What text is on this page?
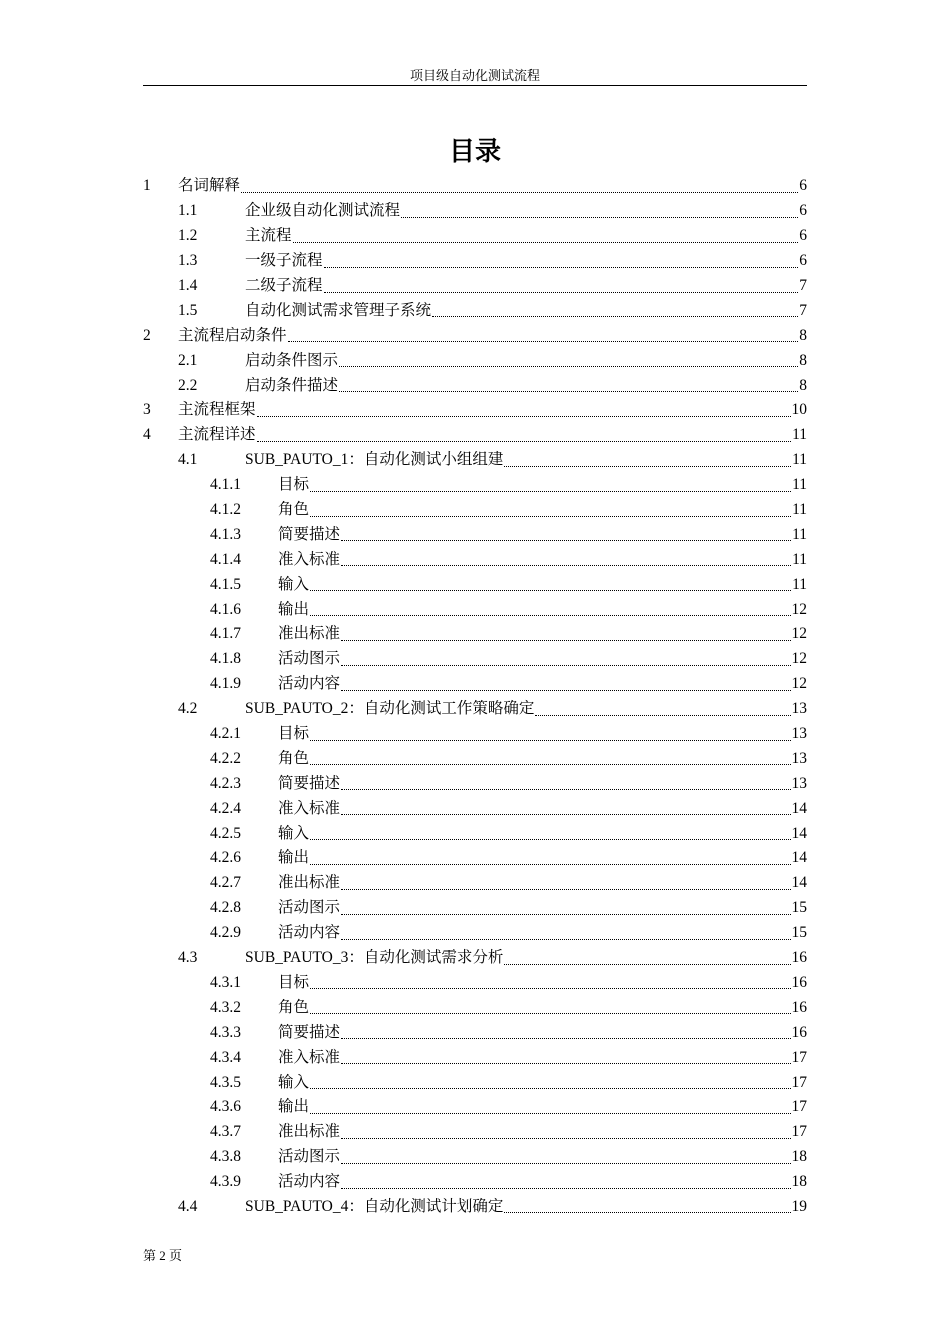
项目级自动化测试流程
目录
1	名词解释	6
1.1	企业级自动化测试流程	6
1.2	主流程	6
1.3	一级子流程	6
1.4	二级子流程	7
1.5	自动化测试需求管理子系统	7
2	主流程启动条件	8
2.1	启动条件图示	8
2.2	启动条件描述	8
3	主流程框架	10
4	主流程详述	11
4.1	SUB_PAUTO_1：自动化测试小组组建	11
4.1.1	目标	11
4.1.2	角色	11
4.1.3	简要描述	11
4.1.4	准入标准	11
4.1.5	输入	11
4.1.6	输出	12
4.1.7	准出标准	12
4.1.8	活动图示	12
4.1.9	活动内容	12
4.2	SUB_PAUTO_2：自动化测试工作策略确定	13
4.2.1	目标	13
4.2.2	角色	13
4.2.3	简要描述	13
4.2.4	准入标准	14
4.2.5	输入	14
4.2.6	输出	14
4.2.7	准出标准	14
4.2.8	活动图示	15
4.2.9	活动内容	15
4.3	SUB_PAUTO_3：自动化测试需求分析	16
4.3.1	目标	16
4.3.2	角色	16
4.3.3	简要描述	16
4.3.4	准入标准	17
4.3.5	输入	17
4.3.6	输出	17
4.3.7	准出标准	17
4.3.8	活动图示	18
4.3.9	活动内容	18
4.4	SUB_PAUTO_4：自动化测试计划确定	19
第 2 页
